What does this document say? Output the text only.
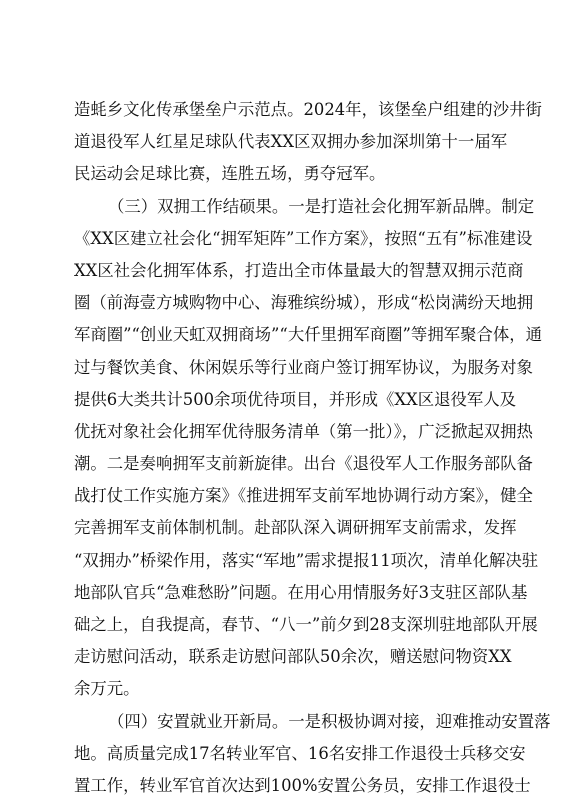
造蚝乡文化传承堡垒户示范点。2024年，该堡垒户组建的沙井街
道退役军人红星足球队代表XX区双拥办参加深圳第十一届军
民运动会足球比赛，连胜五场，勇夺冠军。
（三）双拥工作结硕果。一是打造社会化拥军新品牌。制定
《XX区建立社会化“拥军矩阵”工作方案》，按照“五有”标准建设
XX区社会化拥军体系，打造出全市体量最大的智慧双拥示范商
圈（前海壹方城购物中心、海雅缤纷城），形成“松岗满纷天地拥
军商圈”“创业天虹双拥商场”“大仟里拥军商圈”等拥军聚合体，通
过与餐饮美食、休闲娱乐等行业商户签订拥军协议，为服务对象
提供6大类共计500余项优待项目，并形成《XX区退役军人及
优抚对象社会化拥军优待服务清单（第一批）》，广泛掀起双拥热
潮。二是奏响拥军支前新旋律。出台《退役军人工作服务部队备
战打仗工作实施方案》《推进拥军支前军地协调行动方案》，健全
完善拥军支前体制机制。赴部队深入调研拥军支前需求，发挥
“双拥办”桥梁作用，落实“军地”需求提报11项次，清单化解决驻
地部队官兵“急难愁盼”问题。在用心用情服务好3支驻区部队基
础之上，自我提高，春节、“八一”前夕到28支深圳驻地部队开展
走访慰问活动，联系走访慰问部队50余次，赠送慰问物资XX
余万元。
（四）安置就业开新局。一是积极协调对接，迎难推动安置落
地。高质量完成17名转业军官、16名安排工作退役士兵移交安
置工作，转业军官首次达到100%安置公务员，安排工作退役士
